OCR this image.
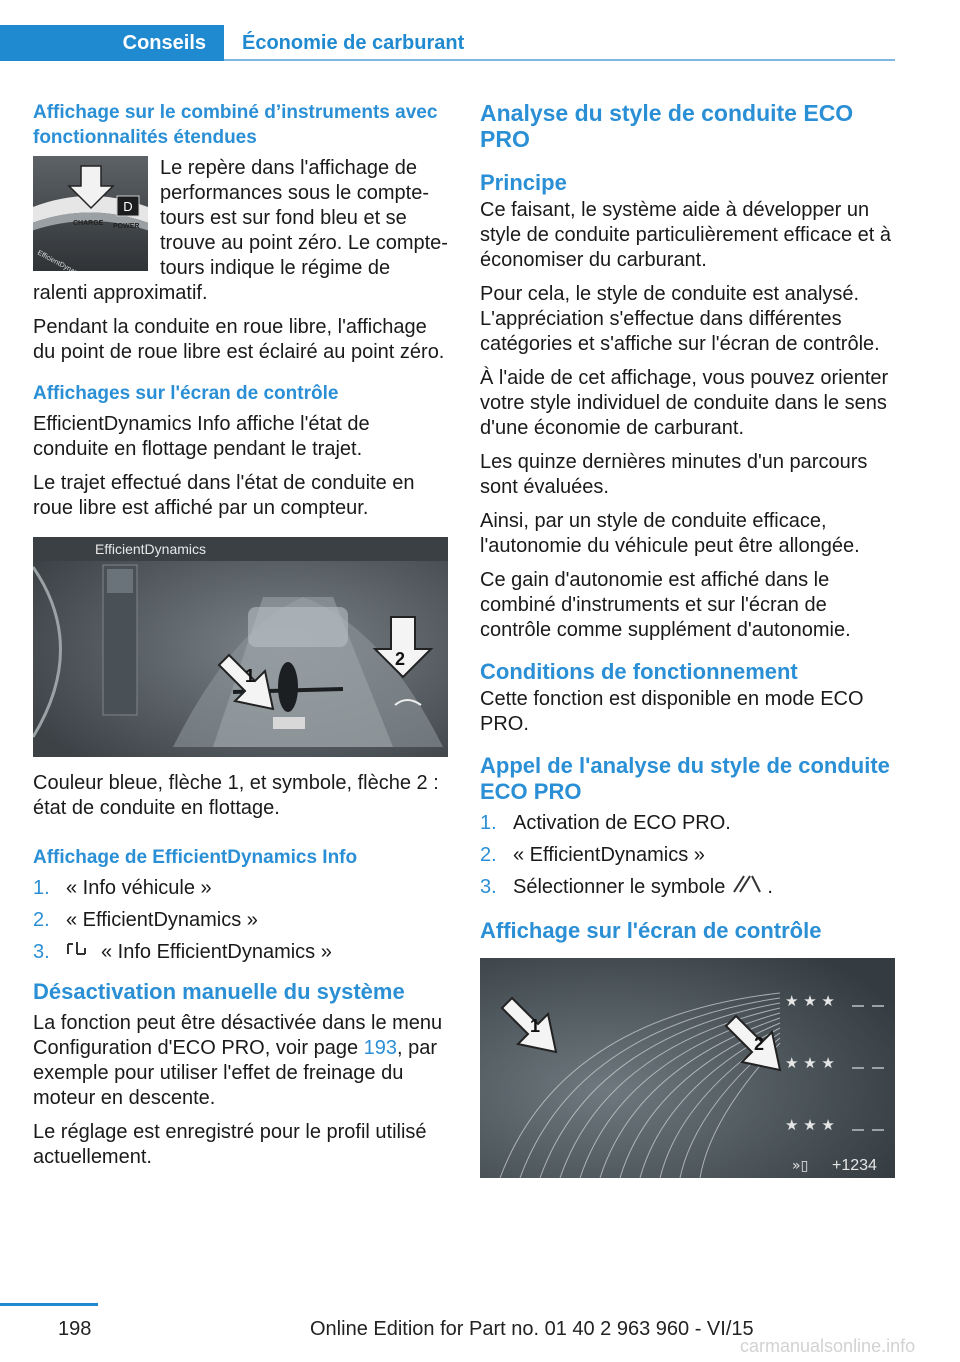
Conseils	Économie de carburant
Affichage sur le combiné d’instruments avec fonctionnalités étendues
D
CHARGE POWER

Le repère dans l'affichage de performances sous le compte-tours est sur fond bleu et se trouve au point zéro. Le compte-tours indique le régime de ralenti approximatif.

Pendant la conduite en roue libre, l'affichage du point de roue libre est éclairé au point zéro.

Affichages sur l'écran de contrôle

EfficientDynamics Info affiche l'état de conduite en flottage pendant le trajet.

Le trajet effectué dans l'état de conduite en roue libre est affiché par un compteur.

EfficientDynamics
1
2

Couleur bleue, flèche 1, et symbole, flèche 2 : état de conduite en flottage.

Affichage de EfficientDynamics Info
1. « Info véhicule »
2. « EfficientDynamics »
3.	« Info EfficientDynamics »
Désactivation manuelle du système

La fonction peut être désactivée dans le menu Configuration d'ECO PRO, voir page 193, par exemple pour utiliser l'effet de freinage du moteur en descente.

Le réglage est enregistré pour le profil utilisé actuellement.

Analyse du style de conduite ECO PRO
Principe

Ce faisant, le système aide à développer un style de conduite particulièrement efficace et à économiser du carburant.

Pour cela, le style de conduite est analysé. L'appréciation s'effectue dans différentes catégories et s'affiche sur l'écran de contrôle.

À l'aide de cet affichage, vous pouvez orienter votre style individuel de conduite dans le sens d'une économie de carburant.

Les quinze dernières minutes d'un parcours sont évaluées.

Ainsi, par un style de conduite efficace, l'autonomie du véhicule peut être allongée.

Ce gain d'autonomie est affiché dans le combiné d'instruments et sur l'écran de contrôle comme supplément d'autonomie.

Conditions de fonctionnement

Cette fonction est disponible en mode ECO PRO.

Appel de l'analyse du style de conduite ECO PRO
1. Activation de ECO PRO.
2. « EfficientDynamics »
3. Sélectionner le symbole .
Affichage sur l'écran de contrôle
1
2
★ ★ ★
★ ★ ★
★ ★ ★
»▯ +1234
198	Online Edition for Part no. 01 40 2 963 960 - VI/15
carmanualsonline.info
